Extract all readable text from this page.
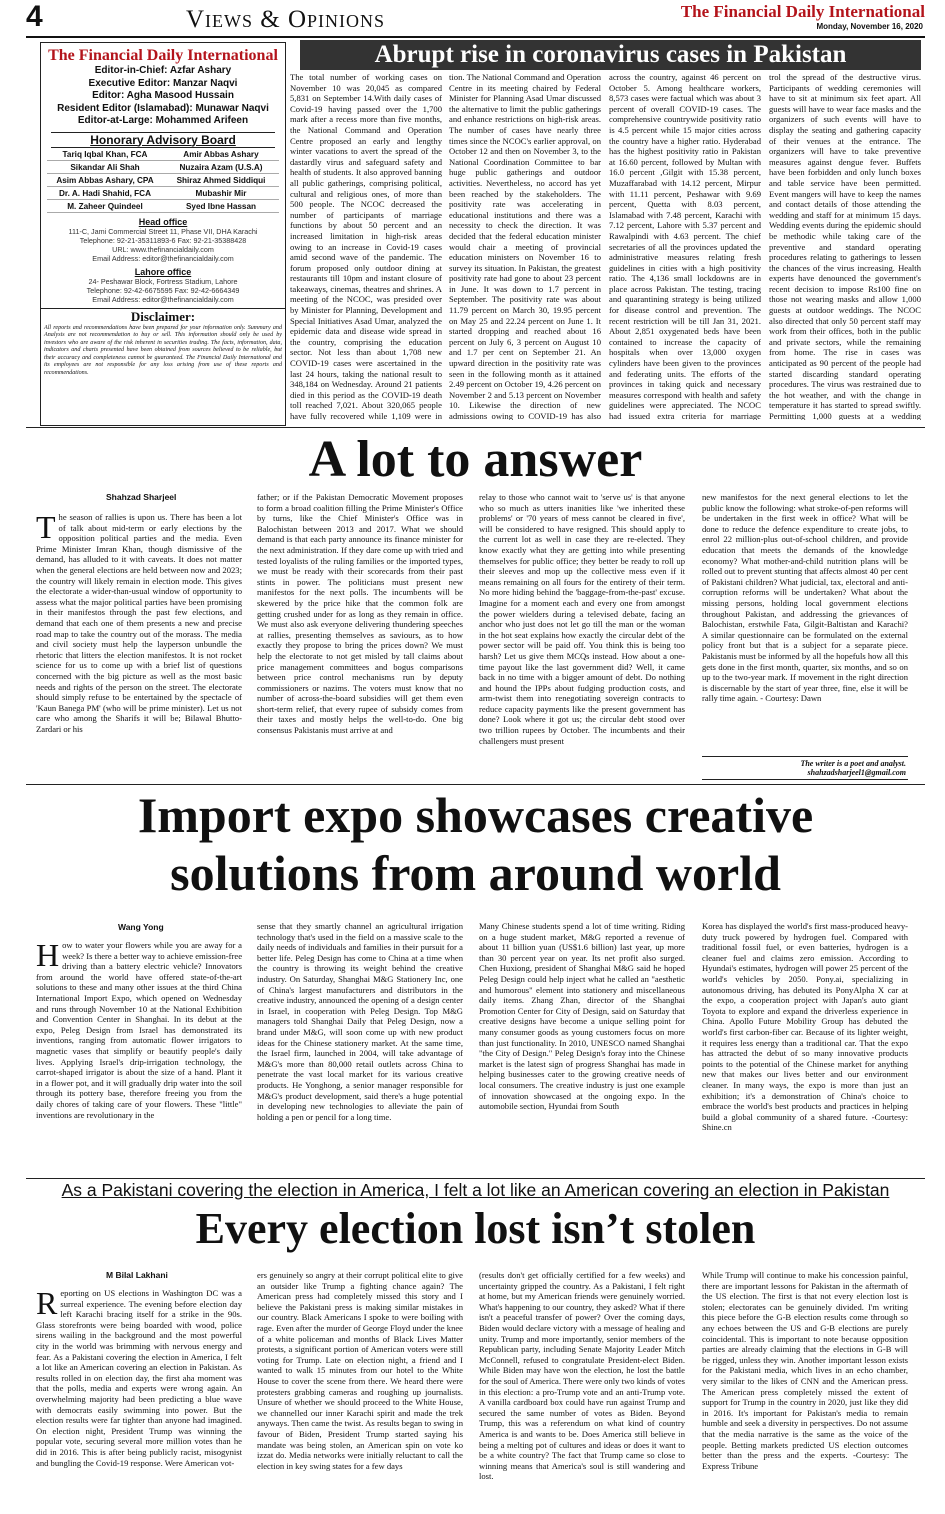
4	Views & Opinions	The Financial Daily International
Monday, November 16, 2020
The Financial Daily International
Editor-in-Chief: Azfar Ashary
Executive Editor: Manzar Naqvi
Editor: Agha Masood Hussain
Resident Editor (Islamabad): Munawar Naqvi
Editor-at-Large: Mohammed Arifeen
Honorary Advisory Board
Tariq Iqbal Khan, FCA	Amir Abbas Ashary
Sikandar Ali Shah	Nuzaira Azam (U.S.A)
Asim Abbas Ashary, CPA	Shiraz Ahmed Siddiqui
Dr. A. Hadi Shahid, FCA	Mubashir Mir
M. Zaheer Quindeel	Syed Ibne Hassan
Head office
111-C, Jami Commercial Street 11, Phase VII, DHA Karachi
Telephone: 92-21-35311893-6 Fax: 92-21-35388428
URL: www.thefinancialdaily.com
Email Address: editor@thefinancialdaily.com
Lahore office
24- Peshawar Block, Fortress Stadium, Lahore
Telephone: 92-42-6675595 Fax: 92-42-6664349
Email Address: editor@thefinancialdaily.com
Disclaimer:
All reports and recommendations have been prepared for your information only. Summary and Analysis are not recommendation to buy or sell. This information should only be used by investors who are aware of the risk inherent in securities trading. The facts, information, data, indicators and charts presented have been obtained from sources believed to be reliable, but their accuracy and completeness cannot be guaranteed. The Financial Daily International and its employees are not responsible for any loss arising from use of these reports and recommendations.
Abrupt rise in coronavirus cases in Pakistan
The total number of working cases on November 10 was 20,045 as compared 5,831 on September 14.With daily cases of Covid-19 having passed over the 1,700 mark after a recess more than five months, the National Command and Operation Centre proposed an early and lengthy winter vacations to avert the spread of the dastardly virus and safeguard safety and health of students. It also approved banning all public gatherings, comprising political, cultural and religious ones, of more than 500 people. The NCOC decreased the number of participants of marriage functions by about 50 percent and an increased limitation in high-risk areas owing to an increase in Covid-19 cases amid second wave of the pandemic. The forum proposed only outdoor dining at restaurants till 10pm and instant closure of takeaways, cinemas, theatres and shrines. A meeting of the NCOC, was presided over by Minister for Planning, Development and Special Initiatives Asad Umar, analyzed the epidemic data and disease wide spread in the country, comprising the education sector. Not less than about 1,708 new COVID-19 cases were ascertained in the last 24 hours, taking the national result to 348,184 on Wednesday. Around 21 patients died in this period as the COVID-19 death toll reached 7,021. About 320,065 people have fully recovered while 1,109 were in
tion. The National Command and Operation Centre in its meeting chaired by Federal Minister for Planning Asad Umar discussed the alternative to limit the public gatherings and enhance restrictions on high-risk areas. The number of cases have nearly three times since the NCOC's earlier approval, on October 12 and then on November 3, to the National Coordination Committee to bar huge public gatherings and outdoor activities. Nevertheless, no accord has yet been reached by the stakeholders. The positivity rate was accelerating in educational institutions and there was a necessity to check the direction. It was decided that the federal education minister would chair a meeting of provincial education ministers on November 16 to survey its situation. In Pakistan, the greatest positivity rate had gone to about 23 percent in June. It was down to 1.7 percent in September. The positivity rate was about 11.79 percent on March 30, 19.95 percent on May 25 and 22.24 percent on June 1. It started dropping and reached about 16 percent on July 6, 3 percent on August 10 and 1.7 per cent on September 21. An upward direction in the positivity rate was seen in the following month as it attained 2.49 percent on October 19, 4.26 percent on November 2 and 5.13 percent on November 10. Likewise the direction of new admissions owing to COVID-19 has also
across the country, against 46 percent on October 5. Among healthcare workers, 8,573 cases were factual which was about 3 percent of overall COVID-19 cases. The comprehensive countrywide positivity ratio is 4.5 percent while 15 major cities across the country have a higher ratio. Hyderabad has the highest positivity ratio in Pakistan at 16.60 percent, followed by Multan with 16.0 percent ,Gilgit with 15.38 percent, Muzaffarabad with 14.12 percent, Mirpur with 11.11 percent, Peshawar with 9.69 percent, Quetta with 8.03 percent, Islamabad with 7.48 percent, Karachi with 7.12 percent, Lahore with 5.37 percent and Rawalpindi with 4.63 percent. The chief secretaries of all the provinces updated the administrative measures relating fresh guidelines in cities with a high positivity ratio. The 4,136 small lockdowns are in place across Pakistan. The testing, tracing and quarantining strategy is being utilized for disease control and prevention. The recent restriction will be till Jan 31, 2021. About 2,851 oxygenated beds have been contained to increase the capacity of hospitals when over 13,000 oxygen cylinders have been given to the provinces and federating units. The efforts of the provinces in taking quick and necessary measures correspond with health and safety guidelines were appreciated. The NCOC had issued extra criteria for marriage
trol the spread of the destructive virus. Participants of wedding ceremonies will have to sit at minimum six feet apart. All guests will have to wear face masks and the organizers of such events will have to display the seating and gathering capacity of their venues at the entrance. The organizers will have to take preventive measures against dengue fever. Buffets have been forbidden and only lunch boxes and table service have been permitted. Event mangers will have to keep the names and contact details of those attending the wedding and staff for at minimum 15 days. Wedding events during the epidemic should be methodic while taking care of the preventive and standard operating procedures relating to gatherings to lessen the chances of the virus increasing. Health experts have denounced the government's recent decision to impose Rs100 fine on those not wearing masks and allow 1,000 guests at outdoor weddings. The NCOC also directed that only 50 percent staff may work from their offices, both in the public and private sectors, while the remaining from home. The rise in cases was anticipated as 90 percent of the people had started discarding standard operating procedures. The virus was restrained due to the hot weather, and with the change in temperature it has started to spread swiftly. Permitting 1,000 guests at a wedding
A lot to answer
Shahzad Sharjeel
The season of rallies is upon us. There has been a lot of talk about mid-term or early elections by the opposition political parties and the media. Even Prime Minister Imran Khan, though dismissive of the demand, has alluded to it with caveats. It does not matter when the general elections are held between now and 2023; the country will likely remain in election mode. This gives the electorate a wider-than-usual window of opportunity to assess what the major political parties have been promising in their manifestos through the past few elections, and demand that each one of them presents a new and precise road map to take the country out of the morass. The media and civil society must help the layperson unbundle the rhetoric that litters the election manifestos. It is not rocket science for us to come up with a brief list of questions concerned with the big picture as well as the most basic needs and rights of the person on the street. The electorate should simply refuse to be entertained by the spectacle of 'Kaun Banega PM' (who will be prime minister). Let us not care who among the Sharifs it will be; Bilawal Bhutto-Zardari or his
father; or if the Pakistan Democratic Movement proposes to form a broad coalition filling the Prime Minister's Office by turns, like the Chief Minister's Office was in Balochistan between 2013 and 2017. What we should demand is that each party announce its finance minister for the next administration. If they dare come up with tried and tested loyalists of the ruling families or the imported types, we must be ready with their scorecards from their past stints in power. The politicians must present new manifestos for the next polls. The incumbents will be skewered by the price hike that the common folk are getting crushed under for as long as they remain in office. We must also ask everyone delivering thundering speeches at rallies, presenting themselves as saviours, as to how exactly they propose to bring the prices down? We must help the electorate to not get misled by tall claims about price management committees and bogus comparisons between price control mechanisms run by deputy commissioners or nazims. The voters must know that no number of across-the-board subsidies will get them even short-term relief, that every rupee of subsidy comes from their taxes and mostly helps the well-to-do. One big consensus Pakistanis must arrive at and
relay to those who cannot wait to 'serve us' is that anyone who so much as utters inanities like 'we inherited these problems' or '70 years of mess cannot be cleared in five', will be considered to have resigned. This should apply to the current lot as well in case they are re-elected. They know exactly what they are getting into while presenting themselves for public office; they better be ready to roll up their sleeves and mop up the collective mess even if it means remaining on all fours for the entirety of their term. No more hiding behind the 'baggage-from-the-past' excuse. Imagine for a moment each and every one from amongst the power wielders during a televised debate, facing an anchor who just does not let go till the man or the woman in the hot seat explains how exactly the circular debt of the power sector will be paid off. You think this is being too harsh? Let us give them MCQs instead. How about a one-time payout like the last government did? Well, it came back in no time with a bigger amount of debt. Do nothing and hound the IPPs about fudging production costs, and arm-twist them into renegotiating sovereign contracts to reduce capacity payments like the present government has done? Look where it got us; the circular debt stood over two trillion rupees by October. The incumbents and their challengers must present
new manifestos for the next general elections to let the public know the following: what stroke-of-pen reforms will be undertaken in the first week in office? What will be done to reduce the defence expenditure to create jobs, to enrol 22 million-plus out-of-school children, and provide education that meets the demands of the knowledge economy? What mother-and-child nutrition plans will be rolled out to prevent stunting that affects almost 40 per cent of Pakistani children? What judicial, tax, electoral and anti-corruption reforms will be undertaken? What about the missing persons, holding local government elections throughout Pakistan, and addressing the grievances of Balochistan, erstwhile Fata, Gilgit-Baltistan and Karachi? A similar questionnaire can be formulated on the external policy front but that is a subject for a separate piece. Pakistanis must be informed by all the hopefuls how all this gets done in the first month, quarter, six months, and so on up to the two-year mark. If movement in the right direction is discernable by the start of year three, fine, else it will be rally time again. - Courtesy: Dawn
The writer is a poet and analyst.
shahzadsharjeel1@gmail.com
Import expo showcases creative
solutions from around world
Wang Yong
How to water your flowers while you are away for a week? Is there a better way to achieve emission-free driving than a battery electric vehicle? Innovators from around the world have offered state-of-the-art solutions to these and many other issues at the third China International Import Expo, which opened on Wednesday and runs through November 10 at the National Exhibition and Convention Center in Shanghai. In its debut at the expo, Peleg Design from Israel has demonstrated its inventions, ranging from automatic flower irrigators to magnetic vases that simplify or beautify people's daily lives. Applying Israel's drip-irrigation technology, the carrot-shaped irrigator is about the size of a hand. Plant it in a flower pot, and it will gradually drip water into the soil through its pottery base, therefore freeing you from the daily chores of taking care of your flowers. These "little" inventions are revolutionary in the
sense that they smartly channel an agricultural irrigation technology that's used in the field on a massive scale to the daily needs of individuals and families in their pursuit for a better life. Peleg Design has come to China at a time when the country is throwing its weight behind the creative industry. On Saturday, Shanghai M&G Stationery Inc, one of China's largest manufacturers and distributors in the creative industry, announced the opening of a design center in Israel, in cooperation with Peleg Design. Top M&G managers told Shanghai Daily that Peleg Design, now a brand under M&G, will soon come up with new product ideas for the Chinese stationery market. At the same time, the Israel firm, launched in 2004, will take advantage of M&G's more than 80,000 retail outlets across China to penetrate the vast local market for its various creative products. He Yonghong, a senior manager responsible for M&G's product development, said there's a huge potential in developing new technologies to alleviate the pain of holding a pen or pencil for a long time.
Many Chinese students spend a lot of time writing. Riding on a huge student market, M&G reported a revenue of about 11 billion yuan (US$1.6 billion) last year, up more than 30 percent year on year. Its net profit also surged. Chen Huxiong, president of Shanghai M&G said he hoped Peleg Design could help inject what he called an "aesthetic and humorous" element into stationery and miscellaneous daily items. Zhang Zhan, director of the Shanghai Promotion Center for City of Design, said on Saturday that creative designs have become a unique selling point for many consumer goods as young customers focus on more than just functionality. In 2010, UNESCO named Shanghai "the City of Design." Peleg Design's foray into the Chinese market is the latest sign of progress Shanghai has made in helping businesses cater to the growing creative needs of local consumers. The creative industry is just one example of innovation showcased at the ongoing expo. In the automobile section, Hyundai from South
Korea has displayed the world's first mass-produced heavy-duty truck powered by hydrogen fuel. Compared with traditional fossil fuel, or even batteries, hydrogen is a cleaner fuel and claims zero emission. According to Hyundai's estimates, hydrogen will power 25 percent of the world's vehicles by 2050. Pony.ai, specializing in autonomous driving, has debuted its PonyAlpha X car at the expo, a cooperation project with Japan's auto giant Toyota to explore and expand the driverless experience in China. Apollo Future Mobility Group has debuted the world's first carbon-fiber car. Because of its lighter weight, it requires less energy than a traditional car. That the expo has attracted the debut of so many innovative products points to the potential of the Chinese market for anything new that makes our lives better and our environment cleaner. In many ways, the expo is more than just an exhibition; it's a demonstration of China's choice to embrace the world's best products and practices in helping build a global community of a shared future. -Courtesy: Shine.cn
As a Pakistani covering the election in America, I felt a lot like an American covering an election in Pakistan
Every election lost isn’t stolen
M Bilal Lakhani
Reporting on US elections in Washington DC was a surreal experience. The evening before election day left Karachi bracing itself for a strike in the 90s. Glass storefronts were being boarded with wood, police sirens wailing in the background and the most powerful city in the world was brimming with nervous energy and fear. As a Pakistani covering the election in America, I felt a lot like an American covering an election in Pakistan. As results rolled in on election day, the first aha moment was that the polls, media and experts were wrong again. An overwhelming majority had been predicting a blue wave with democrats easily swimming into power. But the election results were far tighter than anyone had imagined. On election night, President Trump was winning the popular vote, securing several more million votes than he did in 2016. This is after being publicly racist, misogynist and bungling the Covid-19 response. Were American vot-
ers genuinely so angry at their corrupt political elite to give an outsider like Trump a fighting chance again? The American press had completely missed this story and I believe the Pakistani press is making similar mistakes in our country. Black Americans I spoke to were boiling with rage. Even after the murder of George Floyd under the knee of a white policeman and months of Black Lives Matter protests, a significant portion of American voters were still voting for Trump. Late on election night, a friend and I wanted to walk 15 minutes from our hotel to the White House to cover the scene from there. We heard there were protesters grabbing cameras and roughing up journalists. Unsure of whether we should proceed to the White House, we channelled our inner Karachi spirit and made the trek anyways. Then came the twist. As results began to swing in favour of Biden, President Trump started saying his mandate was being stolen, an American spin on vote ko izzat do. Media networks were initially reluctant to call the election in key swing states for a few days
(results don't get officially certified for a few weeks) and uncertainty gripped the country. As a Pakistani, I felt right at home, but my American friends were genuinely worried. What's happening to our country, they asked? What if there isn't a peaceful transfer of power? Over the coming days, Biden would declare victory with a message of healing and unity. Trump and more importantly, senior members of the Republican party, including Senate Majority Leader Mitch McConnell, refused to congratulate President-elect Biden. While Biden may have won the election, he lost the battle for the soul of America. There were only two kinds of votes in this election: a pro-Trump vote and an anti-Trump vote. A vanilla cardboard box could have run against Trump and secured the same number of votes as Biden. Beyond Trump, this was a referendum on what kind of country America is and wants to be. Does America still believe in being a melting pot of cultures and ideas or does it want to be a white country? The fact that Trump came so close to winning means that America's soul is still wandering and lost.
While Trump will continue to make his concession painful, there are important lessons for Pakistan in the aftermath of the US election. The first is that not every election lost is stolen; electorates can be genuinely divided. I'm writing this piece before the G-B election results come through so any echoes between the US and G-B elections are purely coincidental. This is important to note because opposition parties are already claiming that the elections in G-B will be rigged, unless they win. Another important lesson exists for the Pakistani media, which lives in an echo chamber, very similar to the likes of CNN and the American press. The American press completely missed the extent of support for Trump in the country in 2020, just like they did in 2016. It's important for Pakistan's media to remain humble and seek a diversity in perspectives. Do not assume that the media narrative is the same as the voice of the people. Betting markets predicted US election outcomes better than the press and the experts. -Courtesy: The Express Tribune
